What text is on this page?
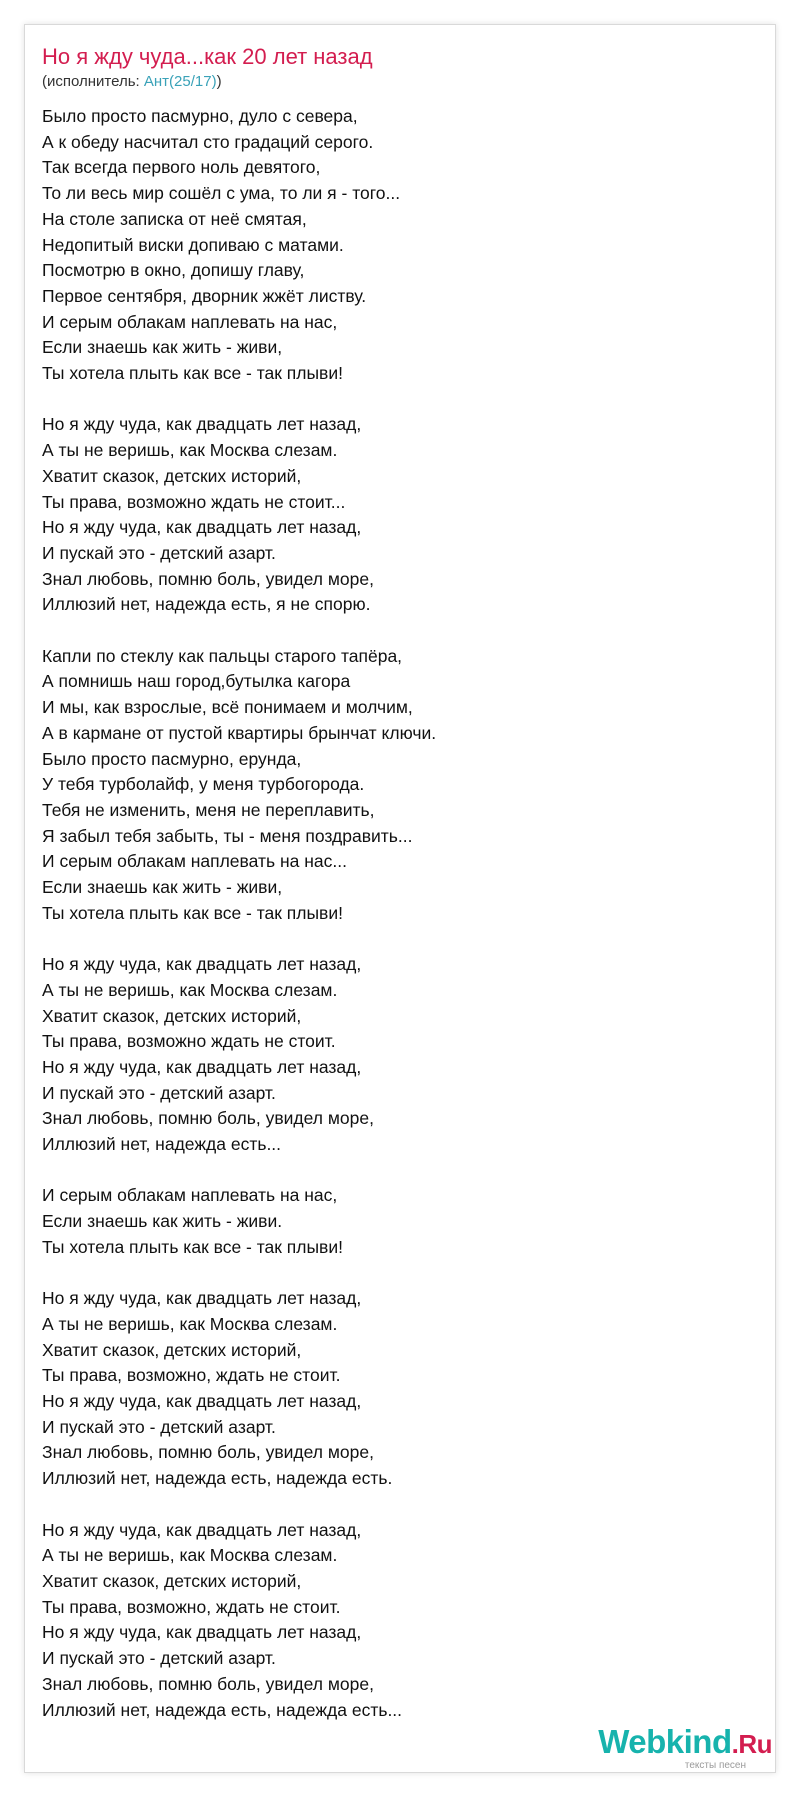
Но я жду чуда...как 20 лет назад
(исполнитель: Ант(25/17))
Было просто пасмурно, дуло с севера,
А к обеду насчитал сто градаций серого.
Так всегда первого ноль девятого,
То ли весь мир сошёл с ума, то ли я - того...
На столе записка от неё смятая,
Недопитый виски допиваю с матами.
Посмотрю в окно, допишу главу,
Первое сентября, дворник жжёт листву.
И серым облакам наплевать на нас,
Если знаешь как жить - живи,
Ты хотела плыть как все - так плыви!
Но я жду чуда, как двадцать лет назад,
А ты не веришь, как Москва слезам.
Хватит сказок, детских историй,
Ты права, возможно ждать не стоит...
Но я жду чуда, как двадцать лет назад,
И пускай это - детский азарт.
Знал любовь, помню боль, увидел море,
Иллюзий нет, надежда есть, я не спорю.
Капли по стеклу как пальцы старого тапёра,
А помнишь наш город,бутылка кагора
И мы, как взрослые, всё понимаем и молчим,
А в кармане от пустой квартиры брынчат ключи.
Было просто пасмурно, ерунда,
У тебя турболайф, у меня турбогорода.
Тебя не изменить, меня не переплавить,
Я забыл тебя забыть, ты - меня поздравить...
И серым облакам наплевать на нас...
Если знаешь как жить - живи,
Ты хотела плыть как все - так плыви!
Но я жду чуда, как двадцать лет назад,
А ты не веришь, как Москва слезам.
Хватит сказок, детских историй,
Ты права, возможно ждать не стоит.
Но я жду чуда, как двадцать лет назад,
И пускай это - детский азарт.
Знал любовь, помню боль, увидел море,
Иллюзий нет, надежда есть...
И серым облакам наплевать на нас,
Если знаешь как жить - живи.
Ты хотела плыть как все - так плыви!
Но я жду чуда, как двадцать лет назад,
А ты не веришь, как Москва слезам.
Хватит сказок, детских историй,
Ты права, возможно, ждать не стоит.
Но я жду чуда, как двадцать лет назад,
И пускай это - детский азарт.
Знал любовь, помню боль, увидел море,
Иллюзий нет, надежда есть, надежда есть.
Но я жду чуда, как двадцать лет назад,
А ты не веришь, как Москва слезам.
Хватит сказок, детских историй,
Ты права, возможно, ждать не стоит.
Но я жду чуда, как двадцать лет назад,
И пускай это - детский азарт.
Знал любовь, помню боль, увидел море,
Иллюзий нет, надежда есть, надежда есть...
Webkind.Ru
тексты песен
